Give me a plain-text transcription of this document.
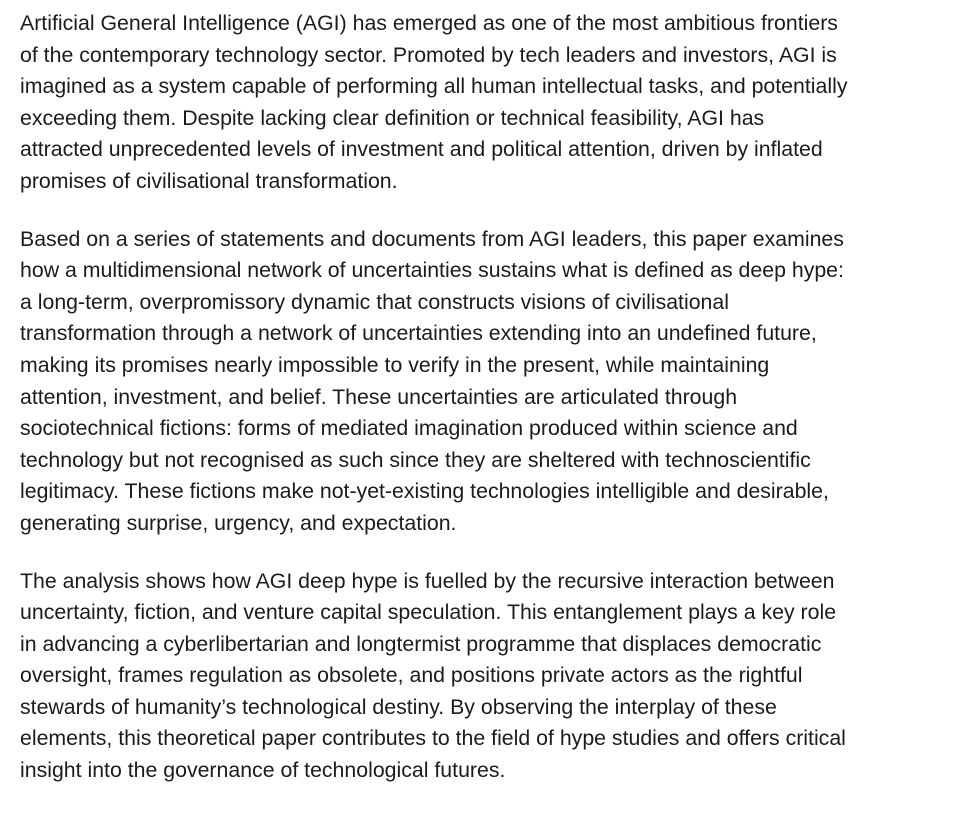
Artificial General Intelligence (AGI) has emerged as one of the most ambitious frontiers
of the contemporary technology sector. Promoted by tech leaders and investors, AGI is
imagined as a system capable of performing all human intellectual tasks, and potentially
exceeding them. Despite lacking clear definition or technical feasibility, AGI has
attracted unprecedented levels of investment and political attention, driven by inflated
promises of civilisational transformation.

Based on a series of statements and documents from AGI leaders, this paper examines
how a multidimensional network of uncertainties sustains what is defined as deep hype:
a long-term, overpromissory dynamic that constructs visions of civilisational
transformation through a network of uncertainties extending into an undefined future,
making its promises nearly impossible to verify in the present, while maintaining
attention, investment, and belief. These uncertainties are articulated through
sociotechnical fictions: forms of mediated imagination produced within science and
technology but not recognised as such since they are sheltered with technoscientific
legitimacy. These fictions make not-yet-existing technologies intelligible and desirable,
generating surprise, urgency, and expectation.

The analysis shows how AGI deep hype is fuelled by the recursive interaction between
uncertainty, fiction, and venture capital speculation. This entanglement plays a key role
in advancing a cyberlibertarian and longtermist programme that displaces democratic
oversight, frames regulation as obsolete, and positions private actors as the rightful
stewards of humanity’s technological destiny. By observing the interplay of these
elements, this theoretical paper contributes to the field of hype studies and offers critical
insight into the governance of technological futures.
